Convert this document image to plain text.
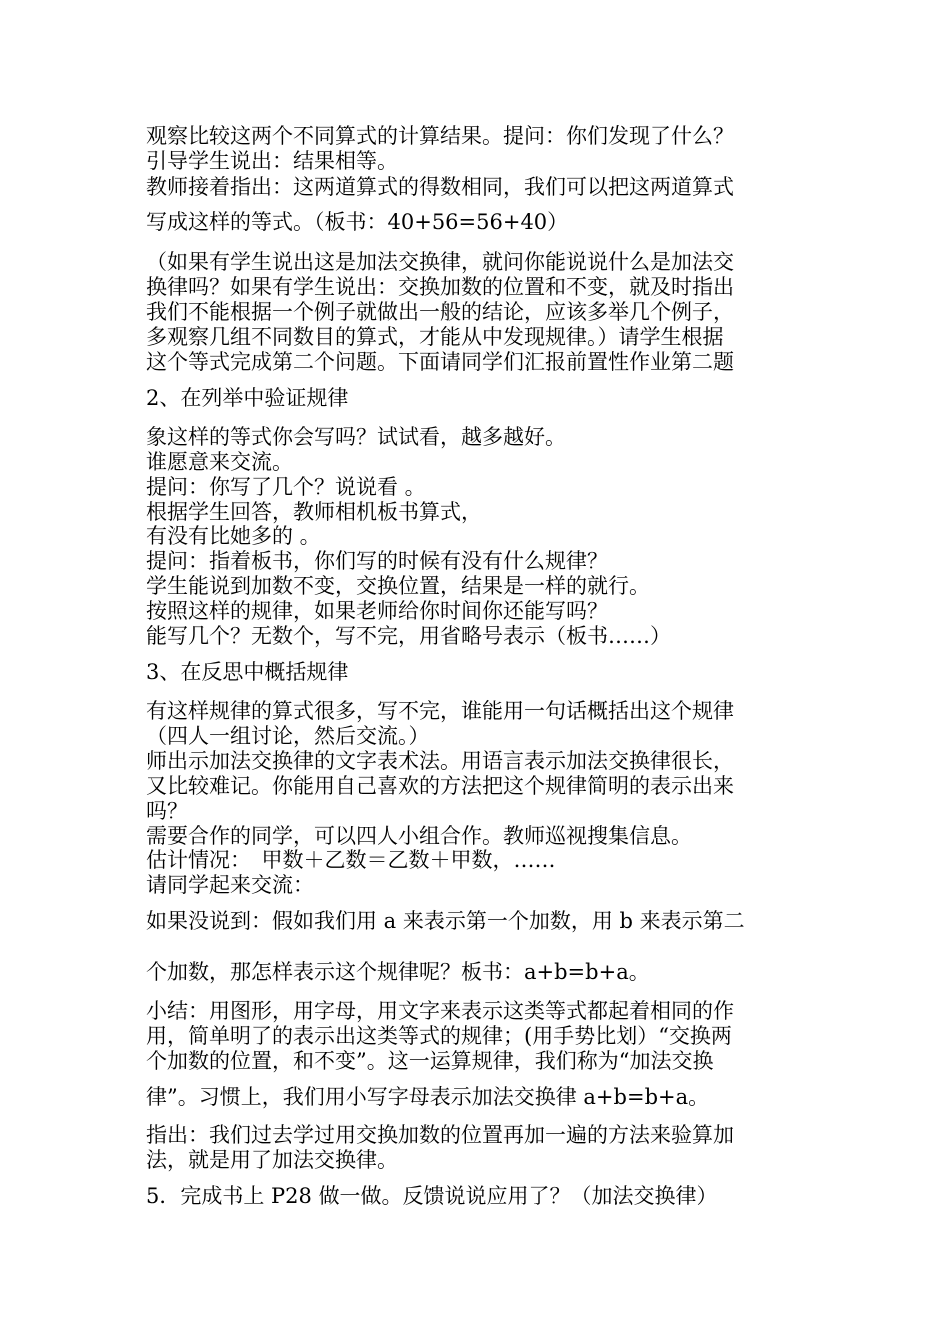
观察比较这两个不同算式的计算结果。提问：你们发现了什么？
引导学生说出：结果相等。
教师接着指出：这两道算式的得数相同，我们可以把这两道算式
写成这样的等式。（板书：40+56=56+40）
（如果有学生说出这是加法交换律，就问你能说说什么是加法交
换律吗？如果有学生说出：交换加数的位置和不变，就及时指出
我们不能根据一个例子就做出一般的结论，应该多举几个例子，
多观察几组不同数目的算式，才能从中发现规律。）请学生根据
这个等式完成第二个问题。下面请同学们汇报前置性作业第二题
2、在列举中验证规律
象这样的等式你会写吗？试试看，越多越好。
谁愿意来交流。
提问：你写了几个？说说看 。
根据学生回答，教师相机板书算式，
有没有比她多的 。
提问：指着板书，你们写的时候有没有什么规律？
学生能说到加数不变，交换位置，结果是一样的就行。
按照这样的规律，如果老师给你时间你还能写吗？
能写几个？无数个，写不完，用省略号表示（板书……）
3、在反思中概括规律
有这样规律的算式很多，写不完，谁能用一句话概括出这个规律
（四人一组讨论，然后交流。）
师出示加法交换律的文字表术法。用语言表示加法交换律很长，
又比较难记。你能用自己喜欢的方法把这个规律简明的表示出来
吗？
需要合作的同学，可以四人小组合作。教师巡视搜集信息。
估计情况：　甲数＋乙数＝乙数＋甲数，……
请同学起来交流：
如果没说到：假如我们用 a 来表示第一个加数，用 b 来表示第二
个加数，那怎样表示这个规律呢？板书：a+b=b+a。
小结：用图形，用字母，用文字来表示这类等式都起着相同的作
用，简单明了的表示出这类等式的规律；(用手势比划）“交换两
个加数的位置，和不变”。这一运算规律，我们称为“加法交换
律”。习惯上，我们用小写字母表示加法交换律 a+b=b+a。
指出：我们过去学过用交换加数的位置再加一遍的方法来验算加
法，就是用了加法交换律。
5．完成书上 P28 做一做。反馈说说应用了？（加法交换律）
